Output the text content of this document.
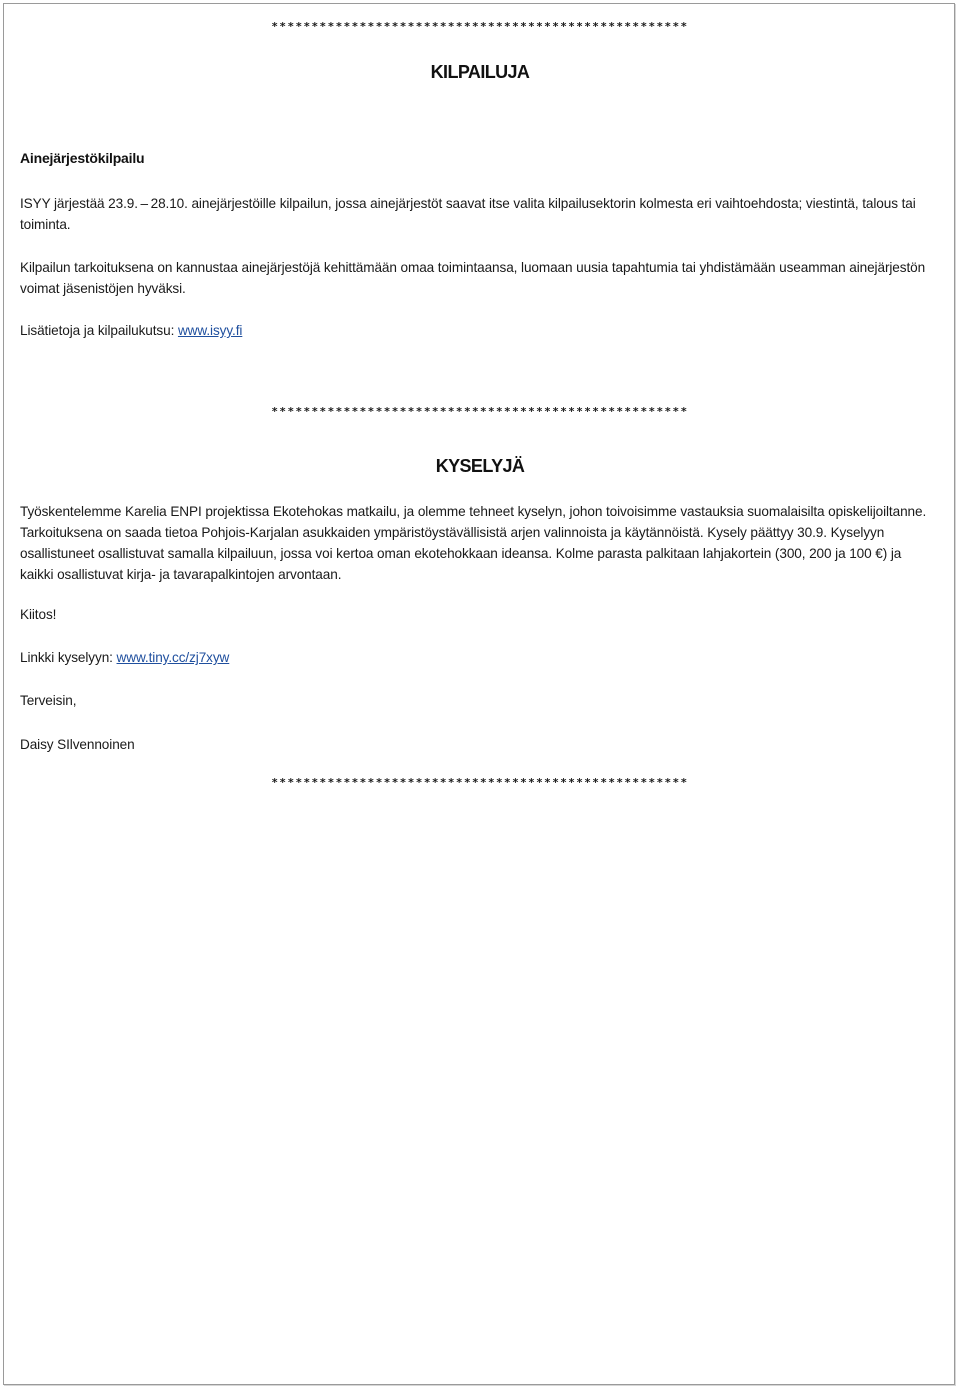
****************************************************
KILPAILUJA
Ainejärjestökilpailu
ISYY järjestää 23.9. – 28.10. ainejärjestöille kilpailun, jossa ainejärjestöt saavat itse valita kilpailusektorin kolmesta eri vaihtoehdosta; viestintä, talous tai toiminta.
Kilpailun tarkoituksena on kannustaa ainejärjestöjä kehittämään omaa toimintaansa, luomaan uusia tapahtumia tai yhdistämään useamman ainejärjestön voimat jäsenistöjen hyväksi.
Lisätietoja ja kilpailukutsu: www.isyy.fi
****************************************************
KYSELYJÄ
Työskentelemme Karelia ENPI projektissa Ekotehokas matkailu, ja olemme tehneet kyselyn, johon toivoisimme vastauksia suomalaisilta opiskelijoiltanne. Tarkoituksena on saada tietoa Pohjois-Karjalan asukkaiden ympäristöystävällisistä arjen valinnoista ja käytännöistä. Kysely päättyy 30.9. Kyselyyn osallistuneet osallistuvat samalla kilpailuun, jossa voi kertoa oman ekotehokkaan ideansa. Kolme parasta palkitaan lahjakortein (300, 200 ja 100 €) ja kaikki osallistuvat kirja- ja tavarapalkintojen arvontaan.
Kiitos!
Linkki kyselyyn: www.tiny.cc/zj7xyw
Terveisin,
Daisy SIlvennoinen
****************************************************
